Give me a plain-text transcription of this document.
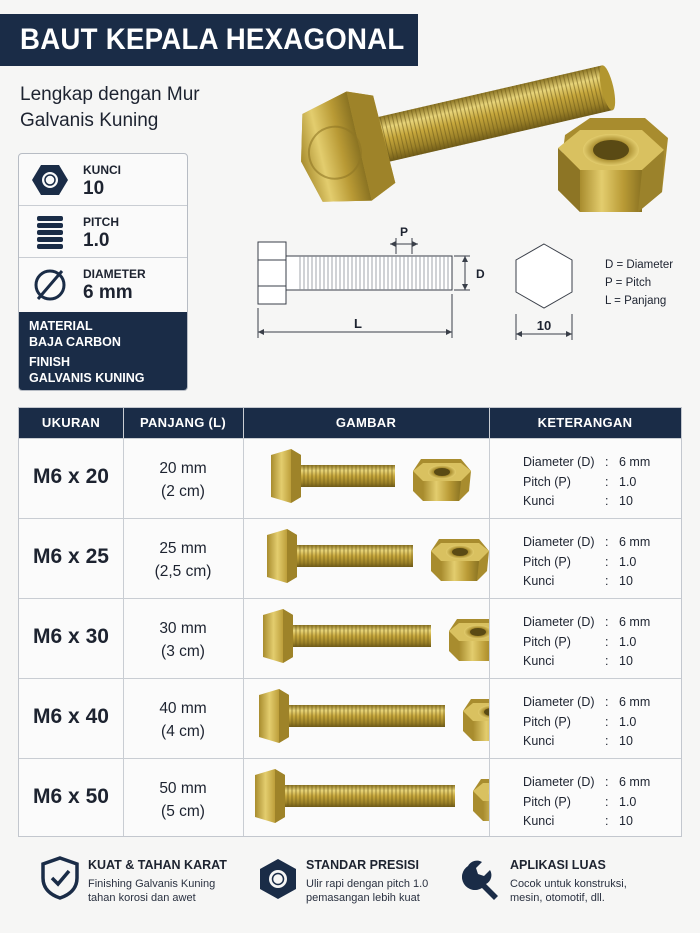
BAUT KEPALA HEXAGONAL
Lengkap dengan Mur
Galvanis Kuning
KUNCI
10
PITCH
1.0
DIAMETER
6 mm
MATERIAL
BAJA CARBON
FINISH
GALVANIS KUNING
P
D
L	10
D = Diameter
P = Pitch
L = Panjang
UKURAN	PANJANG (L)	GAMBAR	KETERANGAN
M6 x 20	20 mm
(2 cm)
Diameter (D) : 6 mm
Pitch (P)	: 1.0
Kunci	: 10
M6 x 25	25 mm
(2,5 cm)
Diameter (D) : 6 mm
Pitch (P)	: 1.0
Kunci	: 10
M6 x 30	30 mm
(3 cm)
Diameter (D) : 6 mm
Pitch (P)	: 1.0
Kunci	: 10
M6 x 40	40 mm
(4 cm)
Diameter (D) : 6 mm
Pitch (P)	: 1.0
Kunci	: 10
M6 x 50	50 mm
(5 cm)
Diameter (D) : 6 mm
Pitch (P)	: 1.0
Kunci	: 10
KUAT & TAHAN KARAT
Finishing Galvanis Kuning
tahan korosi dan awet
STANDAR PRESISI
Ulir rapi dengan pitch 1.0
pemasangan lebih kuat
APLIKASI LUAS
Cocok untuk konstruksi,
mesin, otomotif, dll.
